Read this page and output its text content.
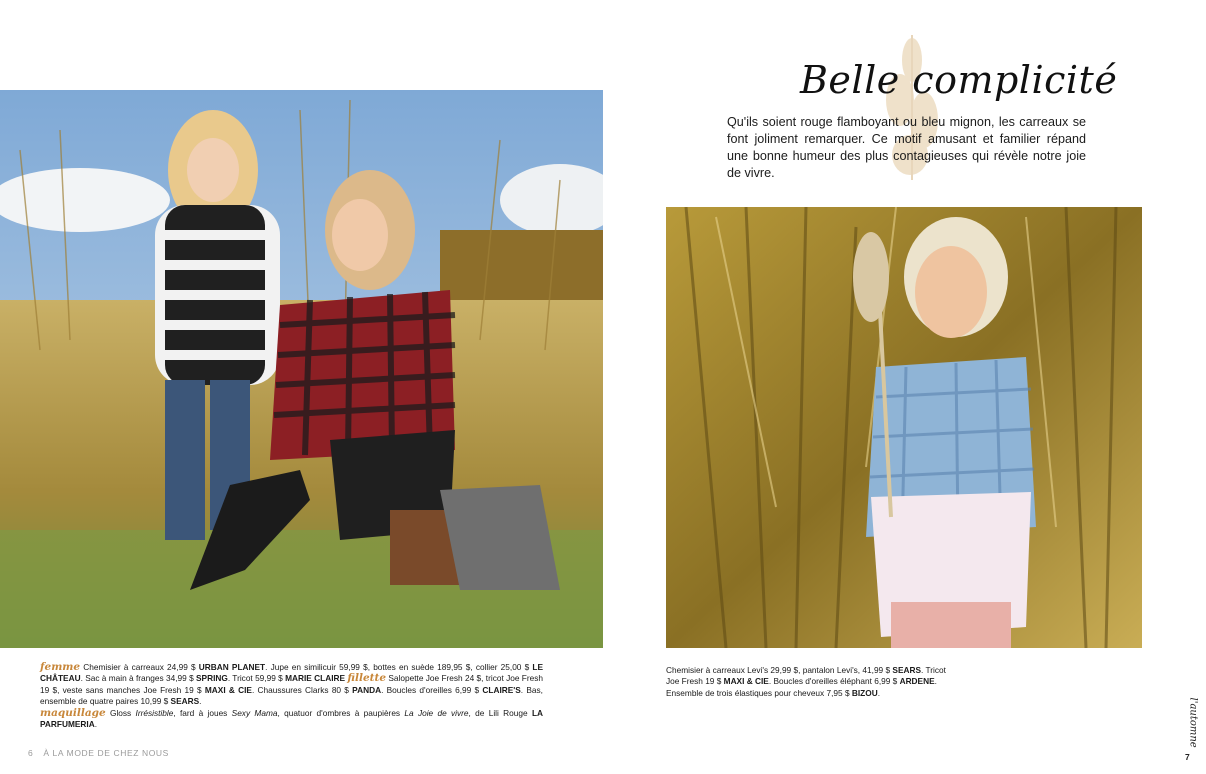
Belle complicité
Qu'ils soient rouge flamboyant ou bleu mignon, les carreaux se font joliment remarquer. Ce motif amusant et familier répand une bonne humeur des plus contagieuses qui révèle notre joie de vivre.
femme Chemisier à carreaux 24,99 $ URBAN PLANET. Jupe en similicuir 59,99 $, bottes en suède 189,95 $, collier 25,00 $ LE CHÂTEAU. Sac à main à franges 34,99 $ SPRING. Tricot 59,99 $ MARIE CLAIRE fillette Salopette Joe Fresh 24 $, tricot Joe Fresh 19 $, veste sans manches Joe Fresh 19 $ MAXI & CIE. Chaussures Clarks 80 $ PANDA. Boucles d'oreilles 6,99 $ CLAIRE'S. Bas, ensemble de quatre paires 10,99 $ SEARS.
maquillage Gloss Irrésistible, fard à joues Sexy Mama, quatuor d'ombres à paupières La Joie de vivre, de Lili Rouge LA PARFUMERIA.
Chemisier à carreaux Levi's 29,99 $, pantalon Levi's, 41,99 $ SEARS. Tricot Joe Fresh 19 $ MAXI & CIE. Boucles d'oreilles éléphant 6,99 $ ARDENE. Ensemble de trois élastiques pour cheveux 7,95 $ BIZOU.
6 À LA MODE DE CHEZ NOUS
l'automne
7
